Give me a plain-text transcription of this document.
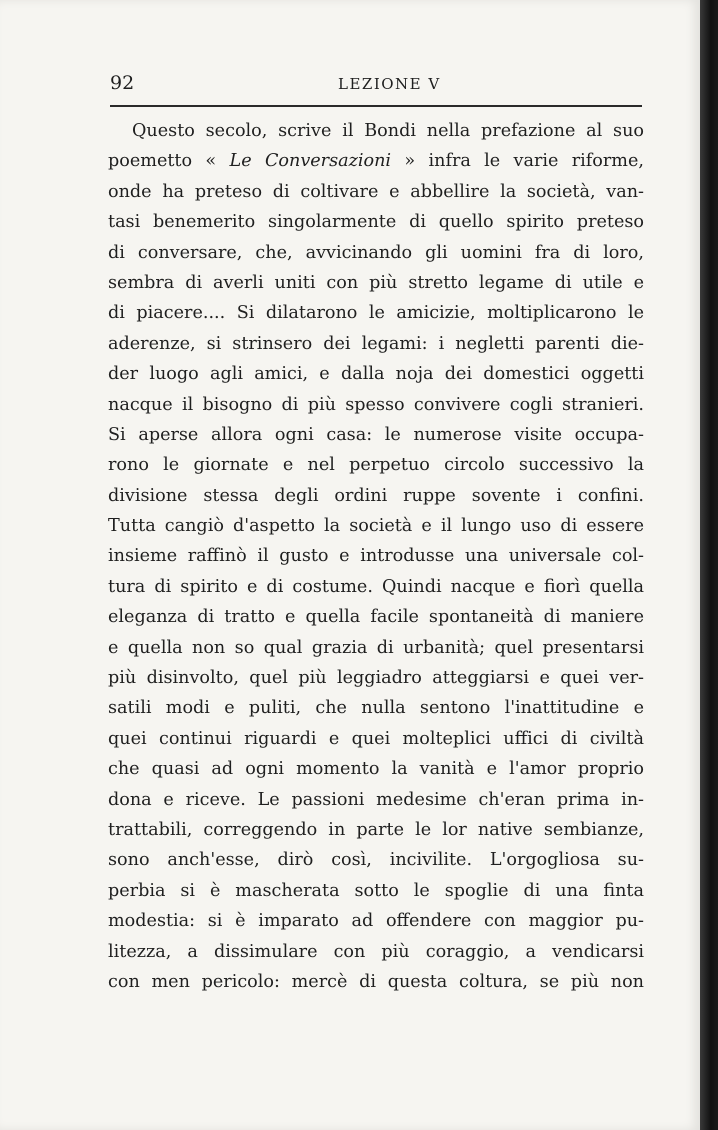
92	LEZIONE V
Questo secolo, scrive il Bondi nella prefazione al suo
poemetto « Le Conversazioni » infra le varie riforme,
onde ha preteso di coltivare e abbellire la società, van-
tasi benemerito singolarmente di quello spirito preteso
di conversare, che, avvicinando gli uomini fra di loro,
sembra di averli uniti con più stretto legame di utile e
di piacere.... Si dilatarono le amicizie, moltiplicarono le
aderenze, si strinsero dei legami: i negletti parenti die-
der luogo agli amici, e dalla noja dei domestici oggetti
nacque il bisogno di più spesso convivere cogli stranieri.
Si aperse allora ogni casa: le numerose visite occupa-
rono le giornate e nel perpetuo circolo successivo la
divisione stessa degli ordini ruppe sovente i confini.
Tutta cangiò d'aspetto la società e il lungo uso di essere
insieme raffinò il gusto e introdusse una universale col-
tura di spirito e di costume. Quindi nacque e fiorì quella
eleganza di tratto e quella facile spontaneità di maniere
e quella non so qual grazia di urbanità; quel presentarsi
più disinvolto, quel più leggiadro atteggiarsi e quei ver-
satili modi e puliti, che nulla sentono l'inattitudine e
quei continui riguardi e quei molteplici uffici di civiltà
che quasi ad ogni momento la vanità e l'amor proprio
dona e riceve. Le passioni medesime ch'eran prima in-
trattabili, correggendo in parte le lor native sembianze,
sono anch'esse, dirò così, incivilite. L'orgogliosa su-
perbia si è mascherata sotto le spoglie di una finta
modestia: si è imparato ad offendere con maggior pu-
litezza, a dissimulare con più coraggio, a vendicarsi
con men pericolo: mercè di questa coltura, se più non
